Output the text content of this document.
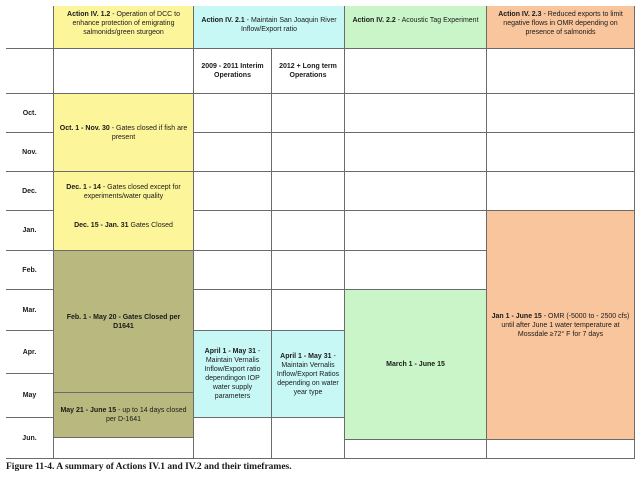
Action IV. 1.2 - Operation of DCC to enhance protection of emigrating salmonids/green sturgeon
Action IV. 2.1 - Maintain San Joaquin River Inflow/Export ratio
Action IV. 2.2 - Acoustic Tag Experiment
Action IV. 2.3 - Reduced exports to limit negative flows in OMR depending on presence of salmonids
2009 - 2011 Interim Operations
2012 + Long term Operations
Oct.
Nov.
Dec.
Jan.
Feb.
Mar.
Apr.
May
Jun.
Oct. 1 - Nov. 30 - Gates closed if fish are present
Dec. 1 - 14 - Gates closed except for experiments/water quality
Dec. 15 - Jan. 31 Gates Closed
Feb. 1 - May 20 - Gates Closed per D1641
May 21 - June 15 - up to 14 days closed per D-1641
April 1 - May 31 - Maintain Vernalis Inflow/Export ratio dependingon IOP water supply parameters
April 1 - May 31 - Maintain Vernalis Inflow/Export Ratios depending on water year type
March 1 - June 15
Jan 1 - June 15 - OMR (-5000 to - 2500 cfs) until after June 1 water temperature at Mossdale ≥72° F for 7 days
Figure 11-4. A summary of Actions IV.1 and IV.2 and their timeframes.
